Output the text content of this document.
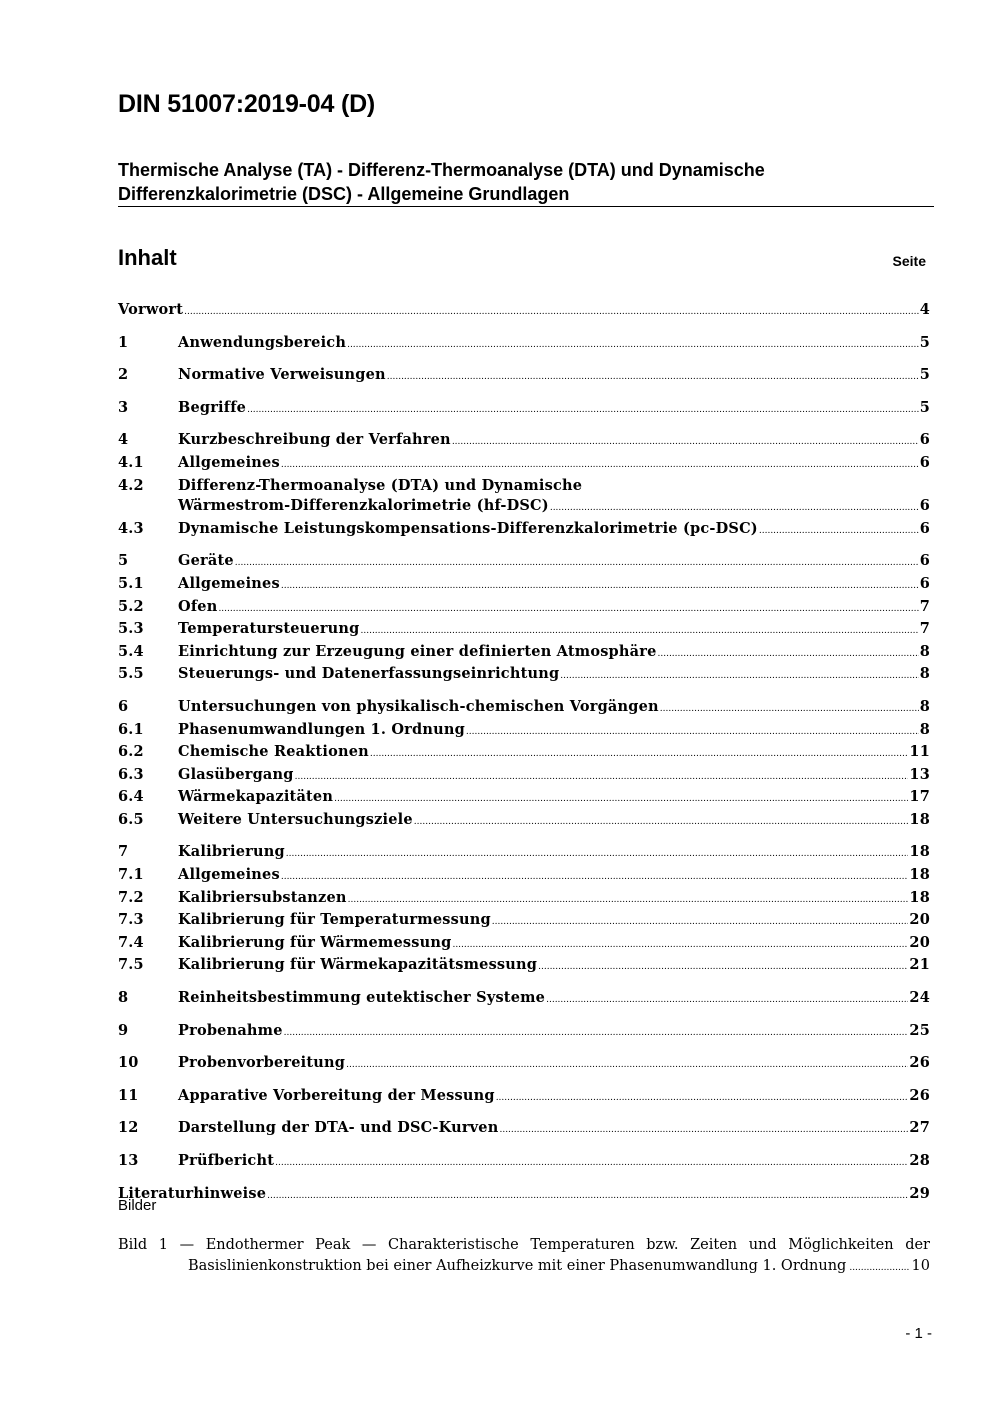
DIN 51007:2019-04 (D)
Thermische Analyse (TA) - Differenz-Thermoanalyse (DTA) und Dynamische Differenzkalorimetrie (DSC) - Allgemeine Grundlagen
Inhalt	Seite
Vorwort .....	4
1	Anwendungsbereich .....	5
2	Normative Verweisungen .....	5
3	Begriffe .....	5
4	Kurzbeschreibung der Verfahren .....	6
4.1	Allgemeines .....	6
4.2	Differenz-Thermoanalyse (DTA) und Dynamische
Wärmestrom-Differenzkalorimetrie (hf-DSC) .....	6
4.3	Dynamische Leistungskompensations-Differenzkalorimetrie (pc-DSC) .....	6
5	Geräte .....	6
5.1	Allgemeines .....	6
5.2	Ofen .....	7
5.3	Temperatursteuerung .....	7
5.4	Einrichtung zur Erzeugung einer definierten Atmosphäre .....	8
5.5	Steuerungs- und Datenerfassungseinrichtung .....	8
6	Untersuchungen von physikalisch-chemischen Vorgängen .....	8
6.1	Phasenumwandlungen 1. Ordnung .....	8
6.2	Chemische Reaktionen .....	11
6.3	Glasübergang .....	13
6.4	Wärmekapazitäten .....	17
6.5	Weitere Untersuchungsziele .....	18
7	Kalibrierung .....	18
7.1	Allgemeines .....	18
7.2	Kalibriersubstanzen .....	18
7.3	Kalibrierung für Temperaturmessung .....	20
7.4	Kalibrierung für Wärmemessung .....	20
7.5	Kalibrierung für Wärmekapazitätsmessung .....	21
8	Reinheitsbestimmung eutektischer Systeme .....	24
9	Probenahme .....	25
10	Probenvorbereitung .....	26
11	Apparative Vorbereitung der Messung .....	26
12	Darstellung der DTA- und DSC-Kurven .....	27
13	Prüfbericht .....	28
Literaturhinweise .....	29
Bilder
Bild 1 — Endothermer Peak — Charakteristische Temperaturen bzw. Zeiten und Möglichkeiten der
Basislinienkonstruktion bei einer Aufheizkurve mit einer Phasenumwandlung 1. Ordnung .....	10
- 1 -
